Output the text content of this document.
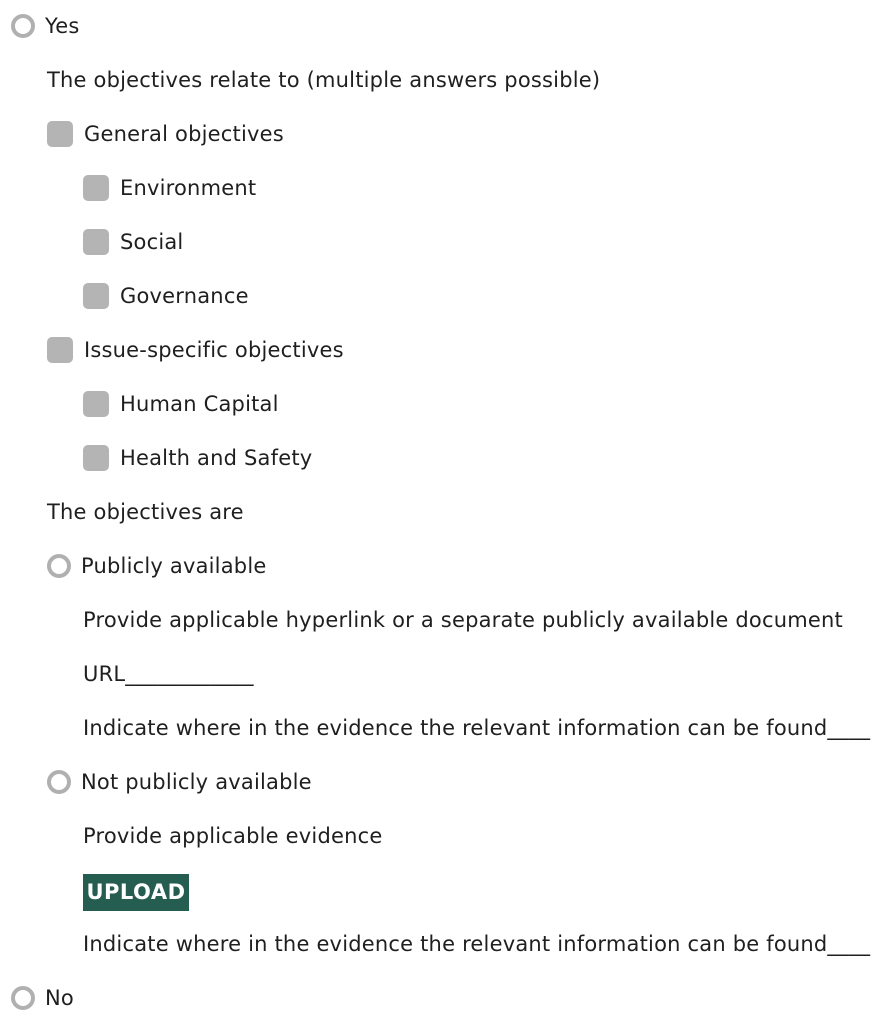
Yes
The objectives relate to (multiple answers possible)
General objectives
Environment
Social
Governance
Issue-specific objectives
Human Capital
Health and Safety
The objectives are
Publicly available
Provide applicable hyperlink or a separate publicly available document
URL____________
Indicate where in the evidence the relevant information can be found____
Not publicly available
Provide applicable evidence
UPLOAD
Indicate where in the evidence the relevant information can be found____
No
